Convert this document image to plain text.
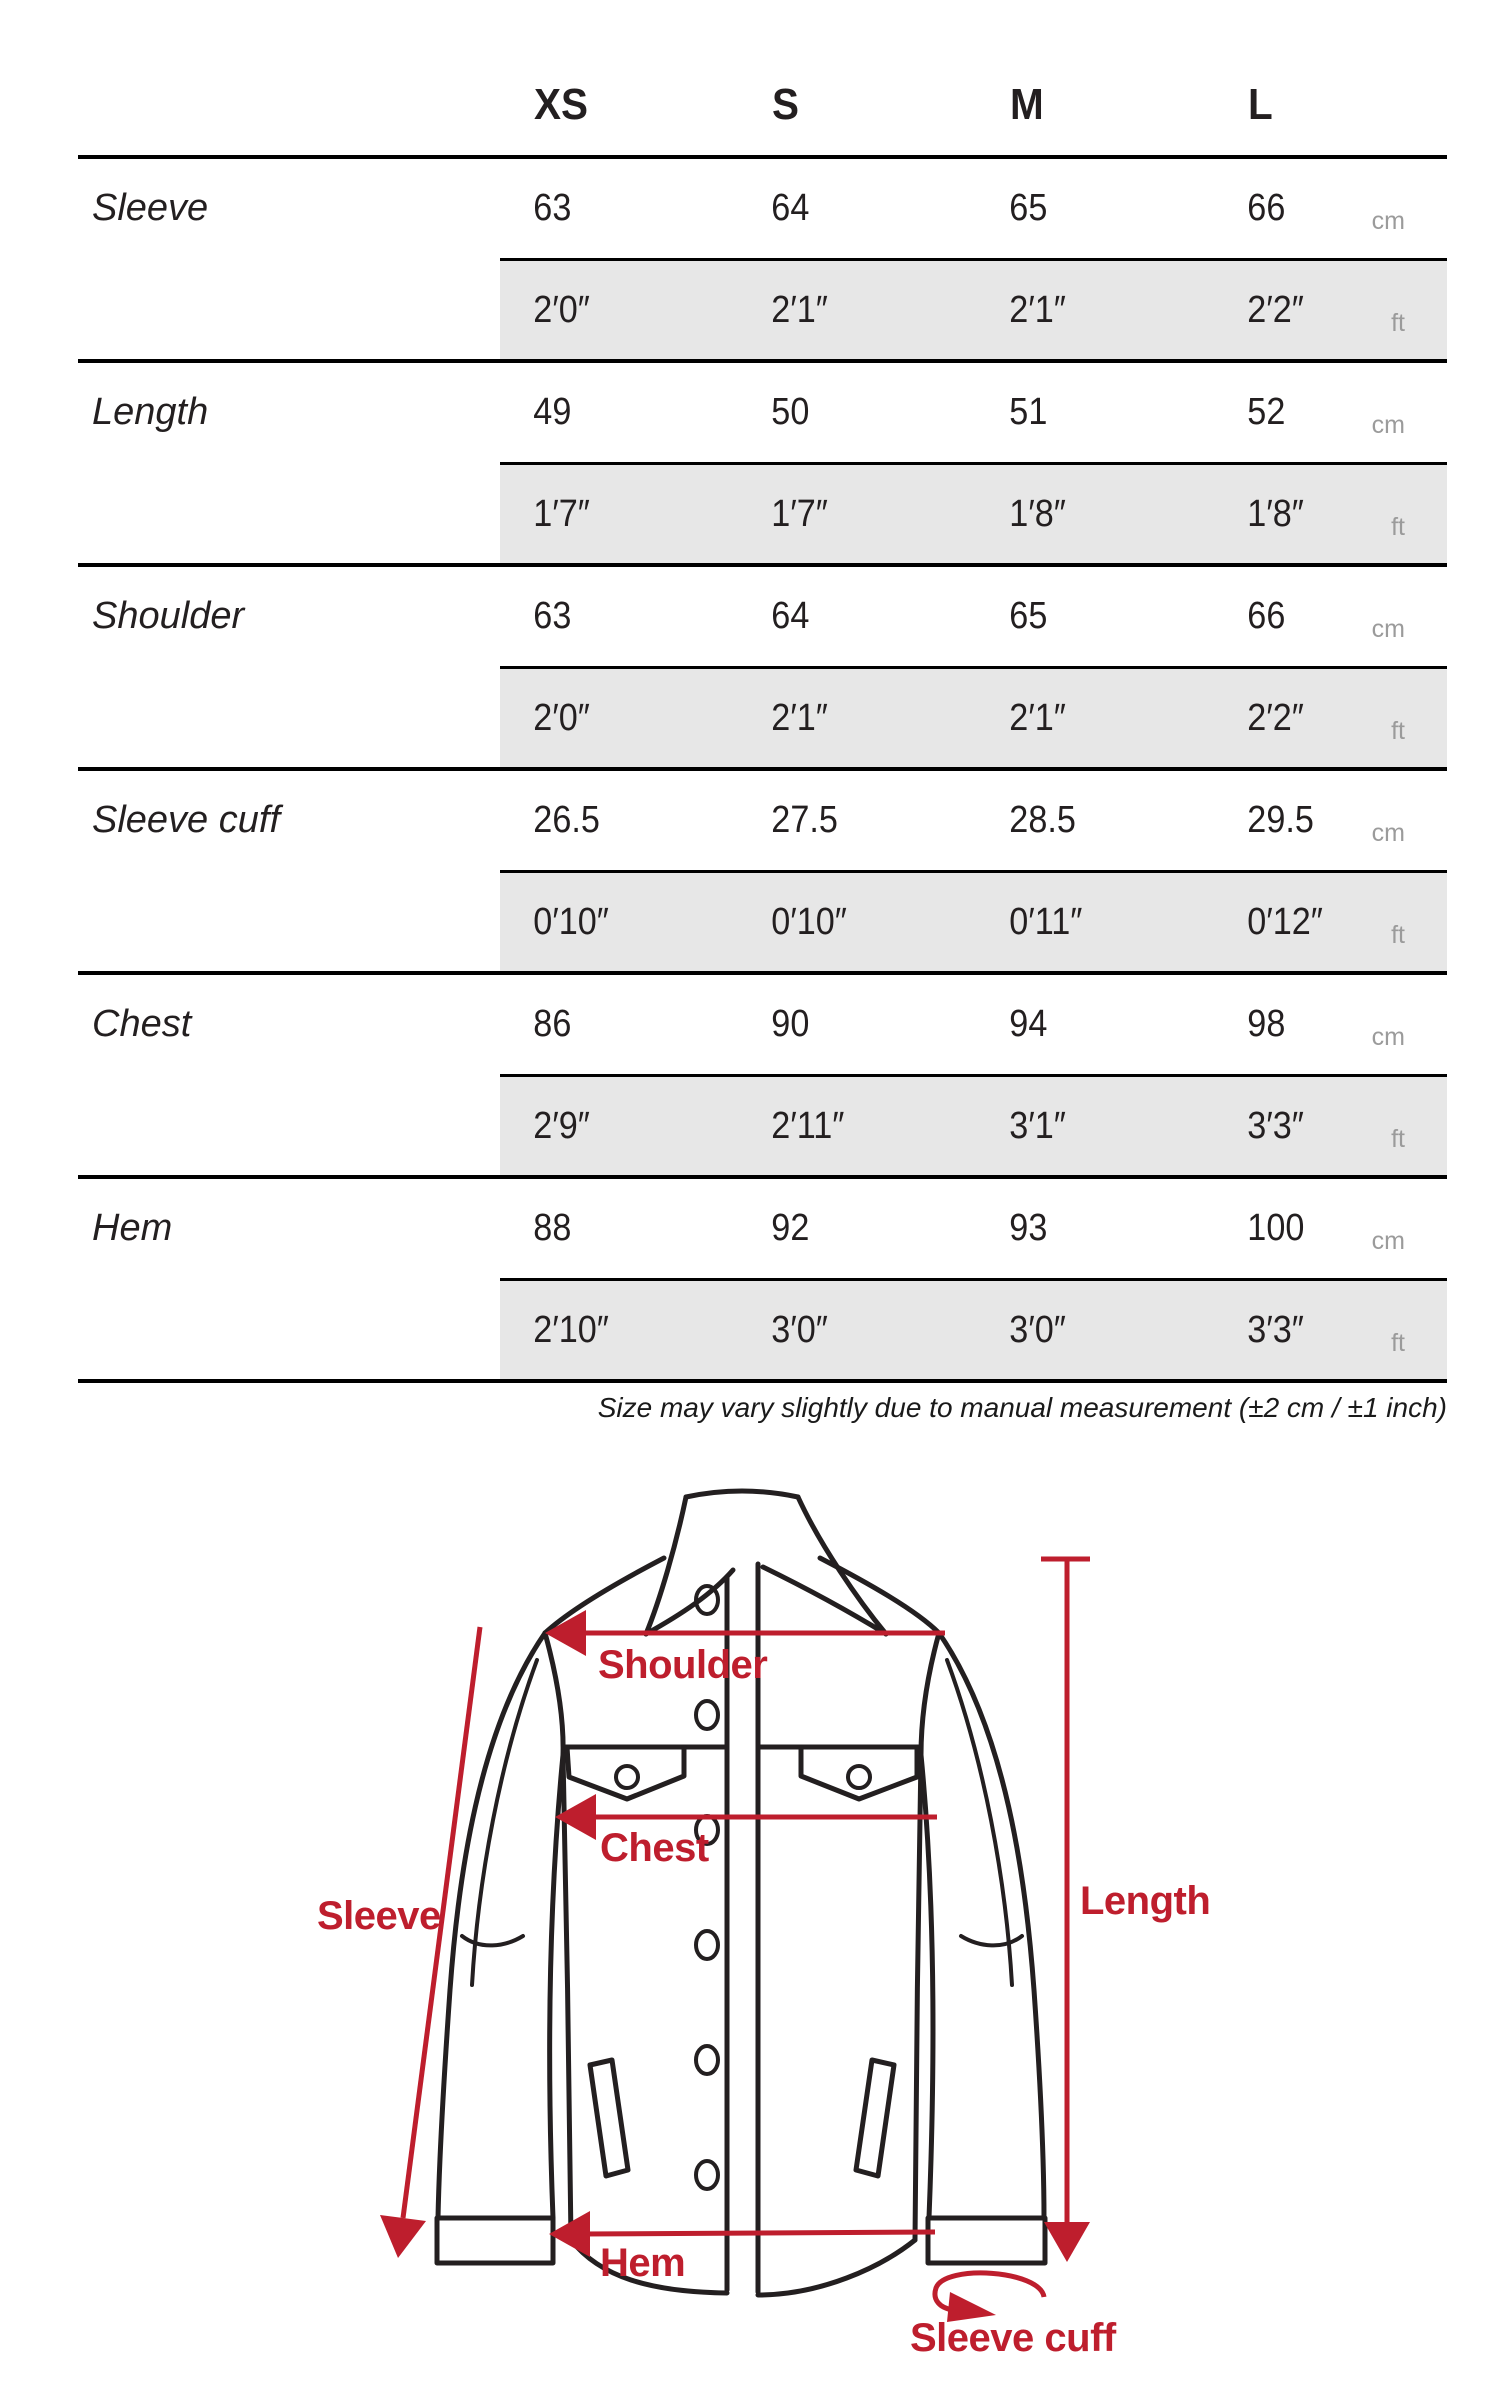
XS	S	M	L
Sleeve	63	64	65	66	cm
2′0″	2′1″	2′1″	2′2″	ft
Length	49	50	51	52	cm
1′7″	1′7″	1′8″	1′8″	ft
Shoulder	63	64	65	66	cm
2′0″	2′1″	2′1″	2′2″	ft
Sleeve cuff	26.5	27.5	28.5	29.5	cm
0′10″	0′10″	0′11″	0′12″	ft
Chest	86	90	94	98	cm
2′9″	2′11″	3′1″	3′3″	ft
Hem	88	92	93	100	cm
2′10″	3′0″	3′0″	3′3″	ft
Size may vary slightly due to manual measurement (±2 cm / ±1 inch)
Shoulder
Chest
Sleeve	Length
Hem
Sleeve cuff
